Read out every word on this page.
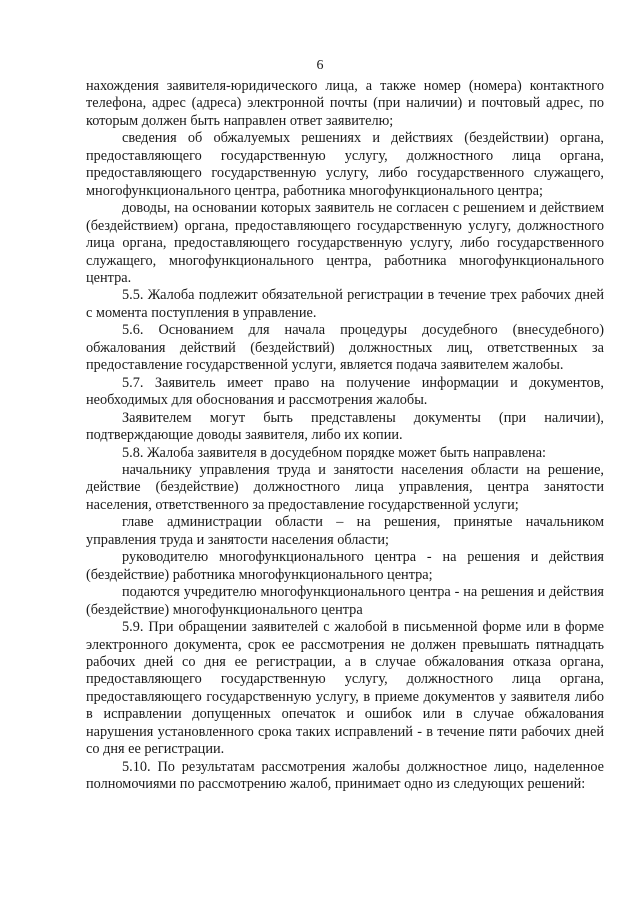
6

нахождения заявителя-юридического лица, а также номер (номера) контактного телефона, адрес (адреса) электронной почты (при наличии) и почтовый адрес, по которым должен быть направлен ответ заявителю;

сведения об обжалуемых решениях и действиях (бездействии) органа, предоставляющего государственную услугу, должностного лица органа, предоставляющего государственную услугу, либо государственного служащего, многофункционального центра, работника многофункционального центра;

доводы, на основании которых заявитель не согласен с решением и действием (бездействием) органа, предоставляющего государственную услугу, должностного лица органа, предоставляющего государственную услугу, либо государственного служащего, многофункционального центра, работника многофункционального центра.

5.5. Жалоба подлежит обязательной регистрации в течение трех рабочих дней с момента поступления в управление.

5.6. Основанием для начала процедуры досудебного (внесудебного) обжалования действий (бездействий) должностных лиц, ответственных за предоставление государственной услуги, является подача заявителем жалобы.

5.7. Заявитель имеет право на получение информации и документов, необходимых для обоснования и рассмотрения жалобы.

Заявителем могут быть представлены документы (при наличии), подтверждающие доводы заявителя, либо их копии.

5.8. Жалоба заявителя в досудебном порядке может быть направлена:

начальнику управления труда и занятости населения области на решение, действие (бездействие) должностного лица управления, центра занятости населения, ответственного за предоставление государственной услуги;

главе администрации области – на решения, принятые начальником управления труда и занятости населения области;

руководителю многофункционального центра - на решения и действия (бездействие) работника многофункционального центра;

подаются учредителю многофункционального центра - на решения и действия (бездействие) многофункционального центра

5.9. При обращении заявителей с жалобой в письменной форме или в форме электронного документа, срок ее рассмотрения не должен превышать пятнадцать рабочих дней со дня ее регистрации, а в случае обжалования отказа органа, предоставляющего государственную услугу, должностного лица органа, предоставляющего государственную услугу, в приеме документов у заявителя либо в исправлении допущенных опечаток и ошибок или в случае обжалования нарушения установленного срока таких исправлений - в течение пяти рабочих дней со дня ее регистрации.

5.10. По результатам рассмотрения жалобы должностное лицо, наделенное полномочиями по рассмотрению жалоб, принимает одно из следующих решений:
